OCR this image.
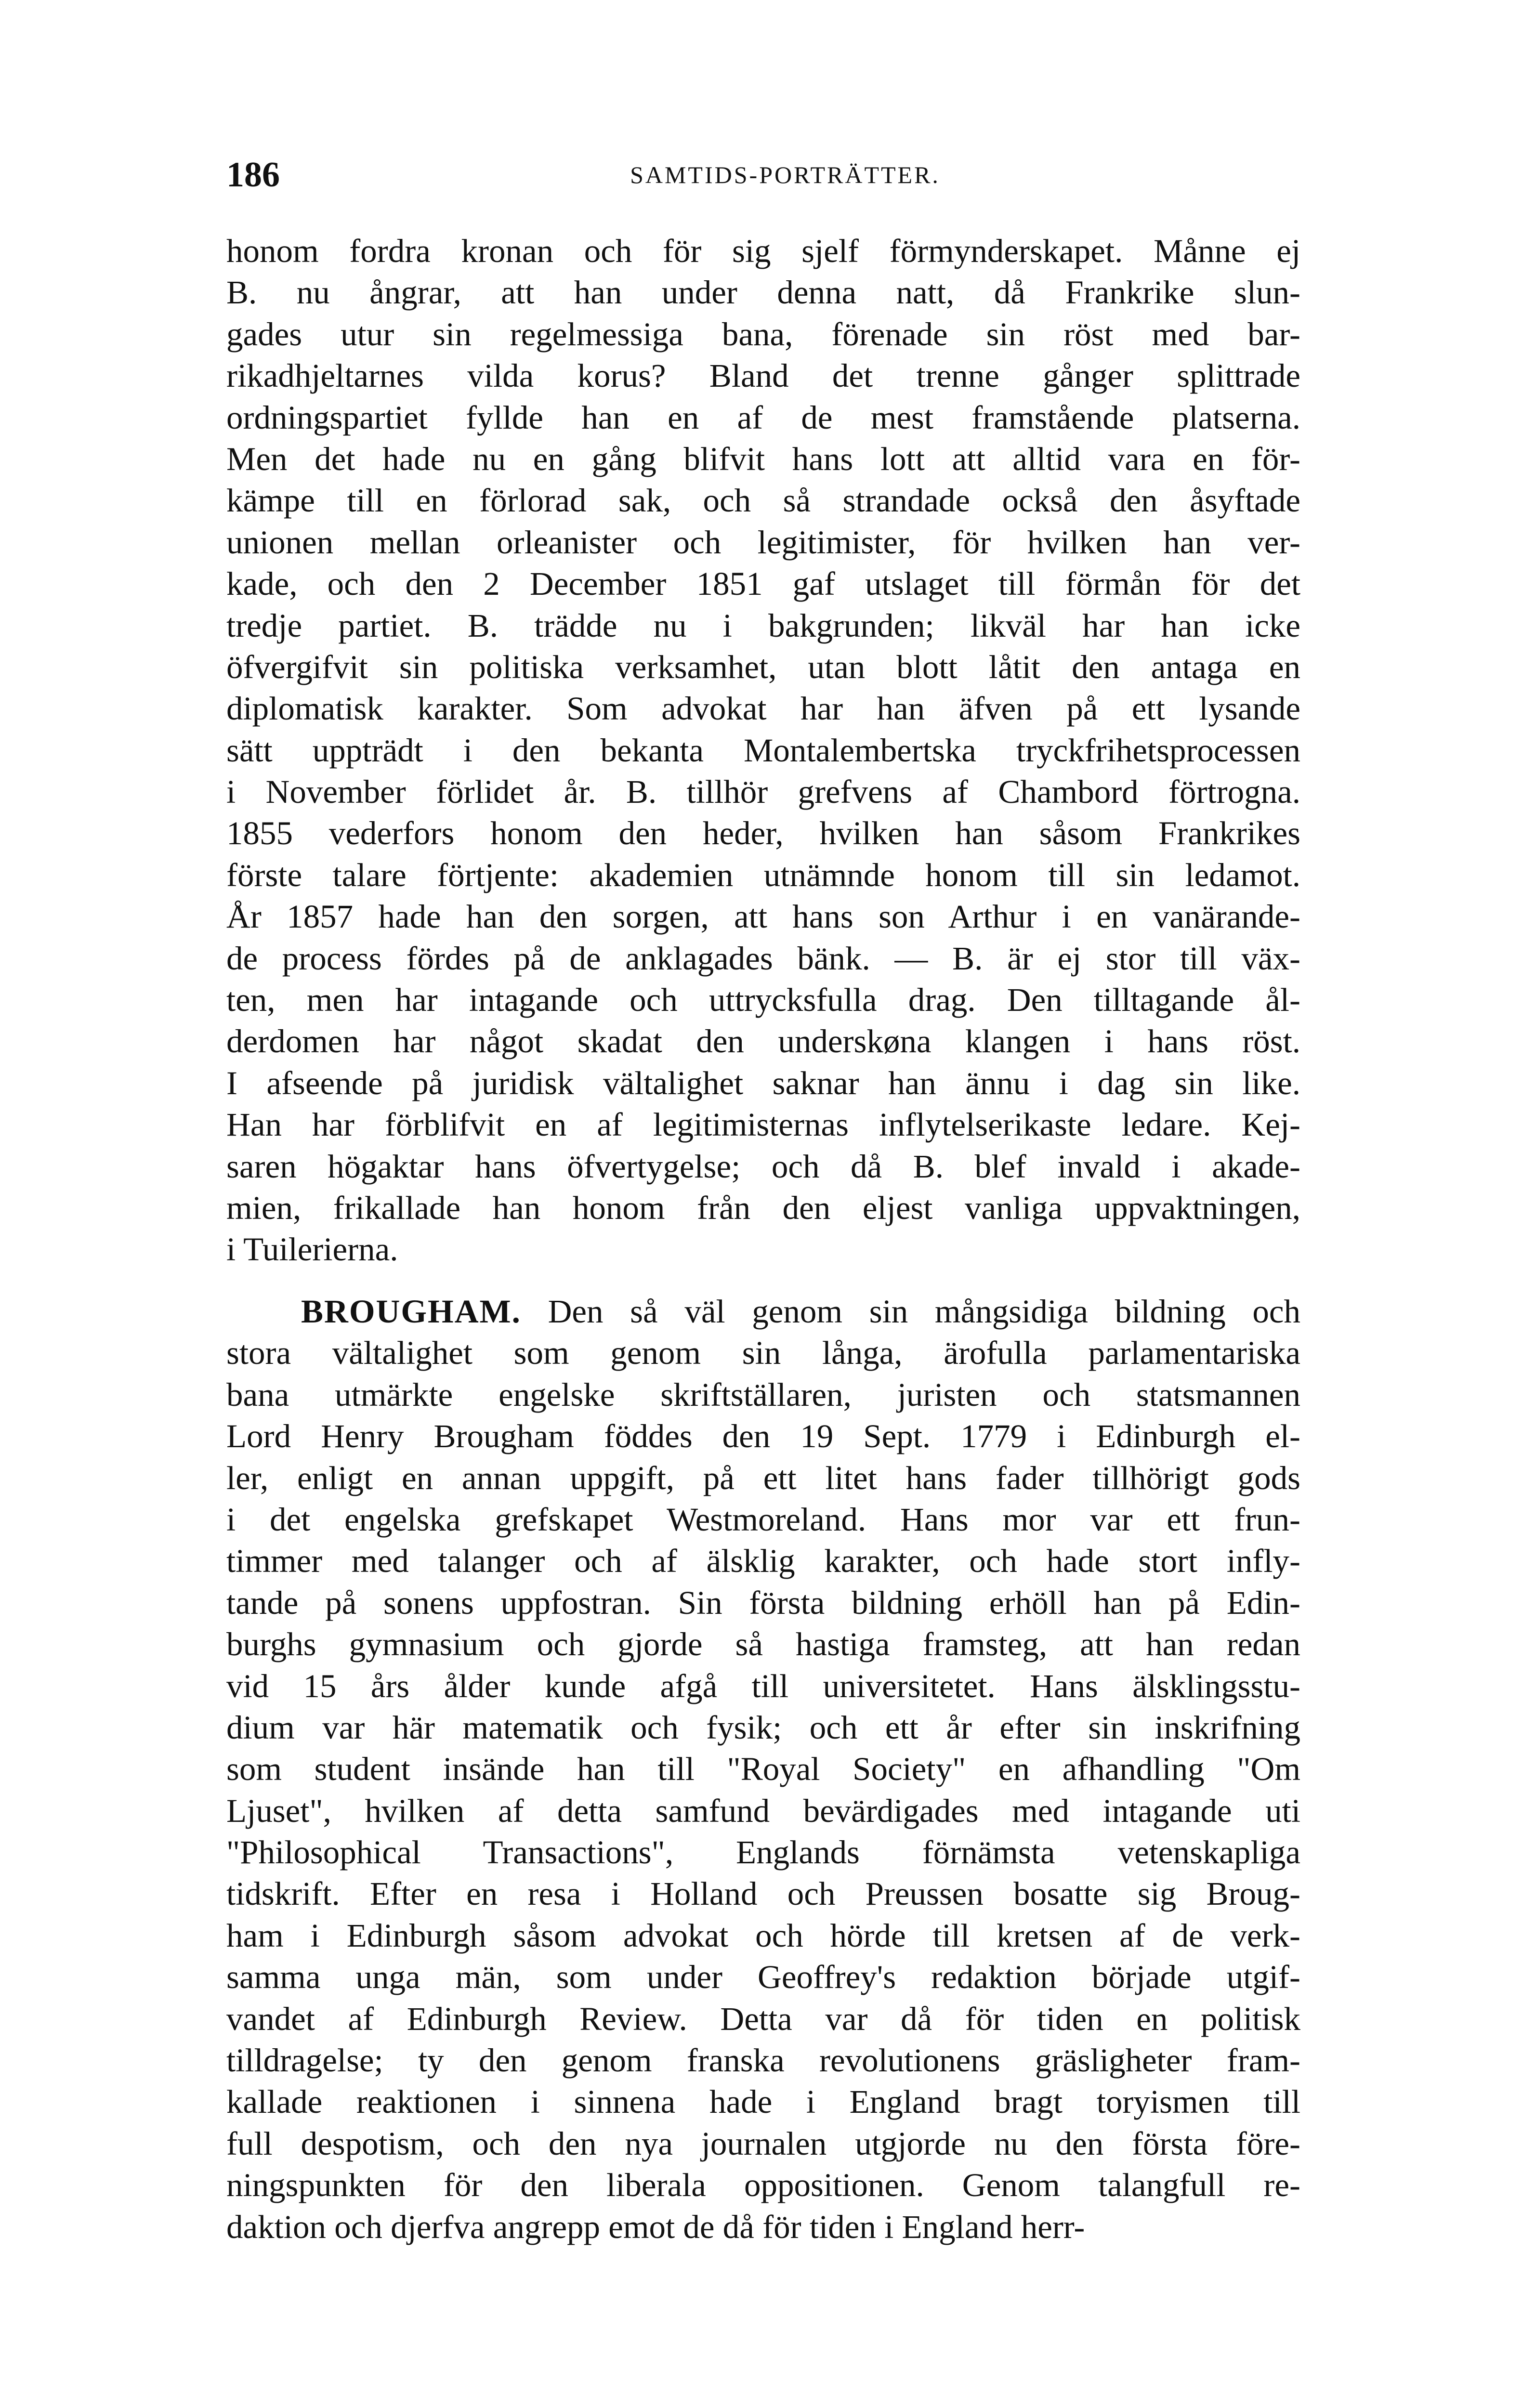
186	SAMTIDS-PORTRÄTTER.
honom fordra kronan och för sig sjelf förmynderskapet. Månne ej
B. nu ångrar, att han under denna natt, då Frankrike slun-
gades utur sin regelmessiga bana, förenade sin röst med bar-
rikadhjeltarnes vilda korus? Bland det trenne gånger splittrade
ordningspartiet fyllde han en af de mest framstående platserna.
Men det hade nu en gång blifvit hans lott att alltid vara en för-
kämpe till en förlorad sak, och så strandade också den åsyftade
unionen mellan orleanister och legitimister, för hvilken han ver-
kade, och den 2 December 1851 gaf utslaget till förmån för det
tredje partiet. B. trädde nu i bakgrunden; likväl har han icke
öfvergifvit sin politiska verksamhet, utan blott låtit den antaga en
diplomatisk karakter. Som advokat har han äfven på ett lysande
sätt uppträdt i den bekanta Montalembertska tryckfrihetsprocessen
i November förlidet år. B. tillhör grefvens af Chambord förtrogna.
1855 vederfors honom den heder, hvilken han såsom Frankrikes
förste talare förtjente: akademien utnämnde honom till sin ledamot.
År 1857 hade han den sorgen, att hans son Arthur i en vanärande-
de process fördes på de anklagades bänk. — B. är ej stor till väx-
ten, men har intagande och uttrycksfulla drag. Den tilltagande ål-
derdomen har något skadat den underskøna klangen i hans röst.
I afseende på juridisk vältalighet saknar han ännu i dag sin like.
Han har förblifvit en af legitimisternas inflytelserikaste ledare. Kej-
saren högaktar hans öfvertygelse; och då B. blef invald i akade-
mien, frikallade han honom från den eljest vanliga uppvaktningen,
i Tuilerierna.
BROUGHAM. Den så väl genom sin mångsidiga bildning och
stora vältalighet som genom sin långa, ärofulla parlamentariska
bana utmärkte engelske skriftställaren, juristen och statsmannen
Lord Henry Brougham föddes den 19 Sept. 1779 i Edinburgh el-
ler, enligt en annan uppgift, på ett litet hans fader tillhörigt gods
i det engelska grefskapet Westmoreland. Hans mor var ett frun-
timmer med talanger och af älsklig karakter, och hade stort infly-
tande på sonens uppfostran. Sin första bildning erhöll han på Edin-
burghs gymnasium och gjorde så hastiga framsteg, att han redan
vid 15 års ålder kunde afgå till universitetet. Hans älsklingsstu-
dium var här matematik och fysik; och ett år efter sin inskrifning
som student insände han till "Royal Society" en afhandling "Om
Ljuset", hvilken af detta samfund bevärdigades med intagande uti
"Philosophical Transactions", Englands förnämsta vetenskapliga
tidskrift. Efter en resa i Holland och Preussen bosatte sig Broug-
ham i Edinburgh såsom advokat och hörde till kretsen af de verk-
samma unga män, som under Geoffrey's redaktion började utgif-
vandet af Edinburgh Review. Detta var då för tiden en politisk
tilldragelse; ty den genom franska revolutionens gräsligheter fram-
kallade reaktionen i sinnena hade i England bragt toryismen till
full despotism, och den nya journalen utgjorde nu den första före-
ningspunkten för den liberala oppositionen. Genom talangfull re-
daktion och djerfva angrepp emot de då för tiden i England herr-
